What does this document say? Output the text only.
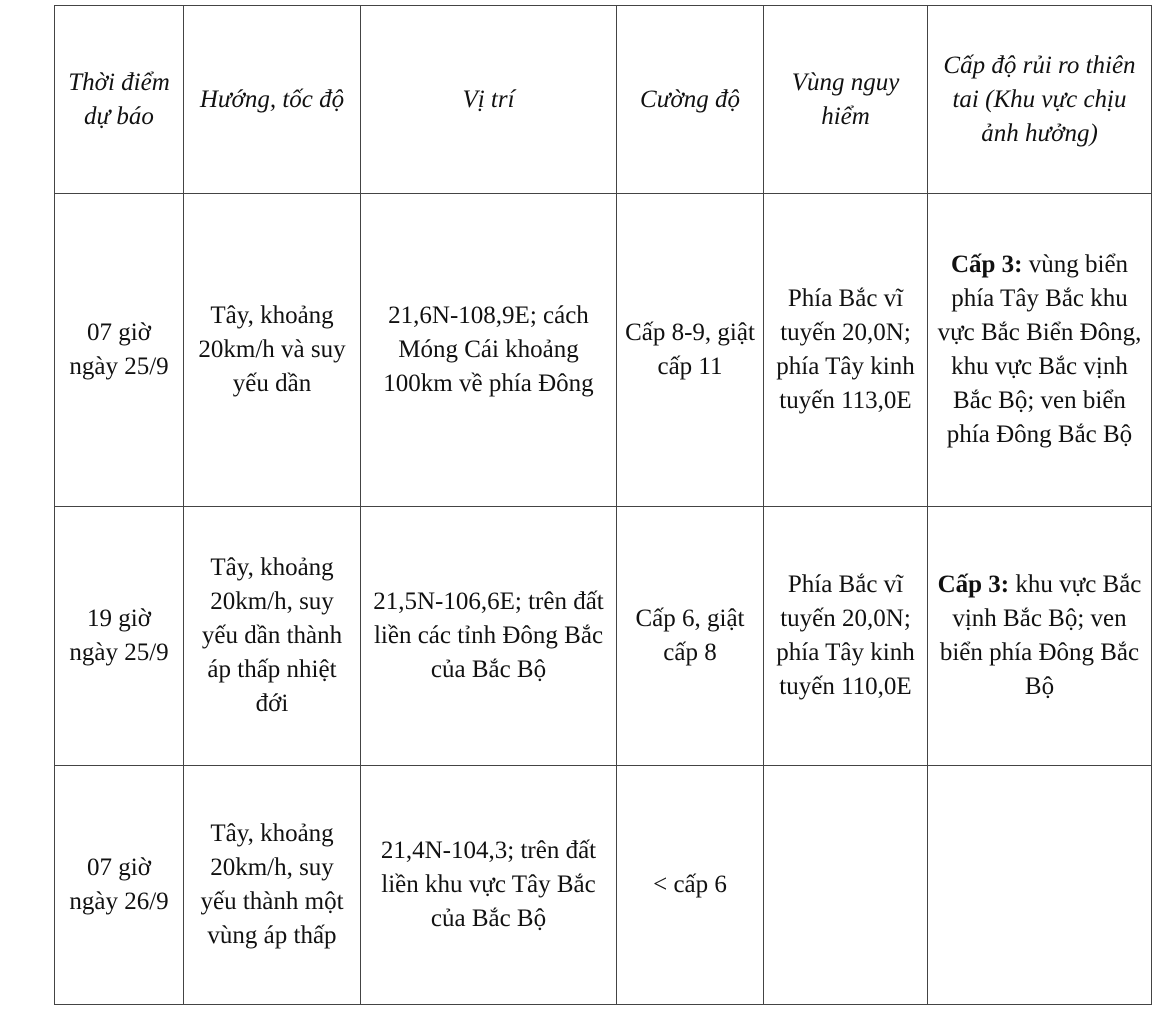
Thời điểm dự báo	Hướng, tốc độ	Vị trí	Cường độ	Vùng nguy hiểm	Cấp độ rủi ro thiên tai (Khu vực chịu ảnh hưởng)
07 giờ ngày 25/9	Tây, khoảng 20km/h và suy yếu dần	21,6N-108,9E; cách Móng Cái khoảng 100km về phía Đông	Cấp 8-9, giật cấp 11	Phía Bắc vĩ tuyến 20,0N; phía Tây kinh tuyến 113,0E	Cấp 3: vùng biển phía Tây Bắc khu vực Bắc Biển Đông, khu vực Bắc vịnh Bắc Bộ; ven biển phía Đông Bắc Bộ
19 giờ ngày 25/9	Tây, khoảng 20km/h, suy yếu dần thành áp thấp nhiệt đới	21,5N-106,6E; trên đất liền các tỉnh Đông Bắc của Bắc Bộ	Cấp 6, giật cấp 8	Phía Bắc vĩ tuyến 20,0N; phía Tây kinh tuyến 110,0E	Cấp 3: khu vực Bắc vịnh Bắc Bộ; ven biển phía Đông Bắc Bộ
07 giờ ngày 26/9	Tây, khoảng 20km/h, suy yếu thành một vùng áp thấp	21,4N-104,3; trên đất liền khu vực Tây Bắc của Bắc Bộ	< cấp 6		
